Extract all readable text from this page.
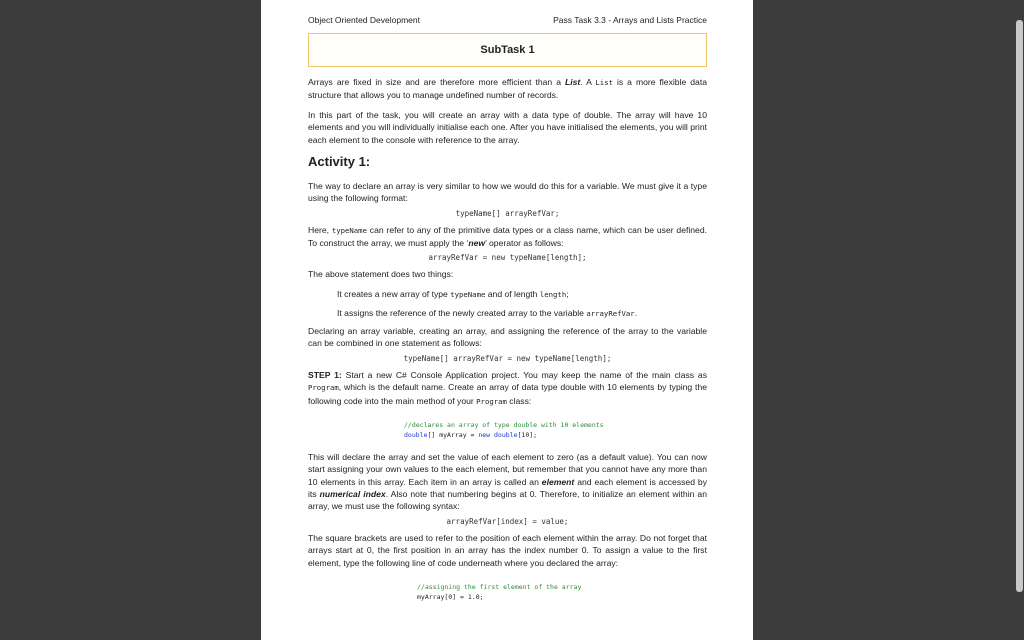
Object Oriented Development	Pass Task 3.3 - Arrays and Lists Practice
SubTask 1

Arrays are fixed in size and are therefore more efficient than a List. A List is a more flexible data structure that allows you to manage undefined number of records.

In this part of the task, you will create an array with a data type of double. The array will have 10 elements and you will individually initialise each one. After you have initialised the elements, you will print each element to the console with reference to the array.

Activity 1:

The way to declare an array is very similar to how we would do this for a variable. We must give it a type using the following format:

typeName[] arrayRefVar;

Here, typeName can refer to any of the primitive data types or a class name, which can be user defined. To construct the array, we must apply the ‘new’ operator as follows:

arrayRefVar = new typeName[length];

The above statement does two things:

It creates a new array of type typeName and of length length;

It assigns the reference of the newly created array to the variable arrayRefVar.

Declaring an array variable, creating an array, and assigning the reference of the array to the variable can be combined in one statement as follows:

typeName[] arrayRefVar = new typeName[length];

STEP 1: Start a new C# Console Application project. You may keep the name of the main class as Program, which is the default name. Create an array of data type double with 10 elements by typing the following code into the main method of your Program class:

//declares an array of type double with 10 elements
double[] myArray = new double[10];

This will declare the array and set the value of each element to zero (as a default value). You can now start assigning your own values to the each element, but remember that you cannot have any more than 10 elements in this array. Each item in an array is called an element and each element is accessed by its numerical index. Also note that numbering begins at 0. Therefore, to initialize an element within an array, we must use the following syntax:

arrayRefVar[index] = value;

The square brackets are used to refer to the position of each element within the array. Do not forget that arrays start at 0, the first position in an array has the index number 0. To assign a value to the first element, type the following line of code underneath where you declared the array:

//assigning the first element of the array
myArray[0] = 1.0;
